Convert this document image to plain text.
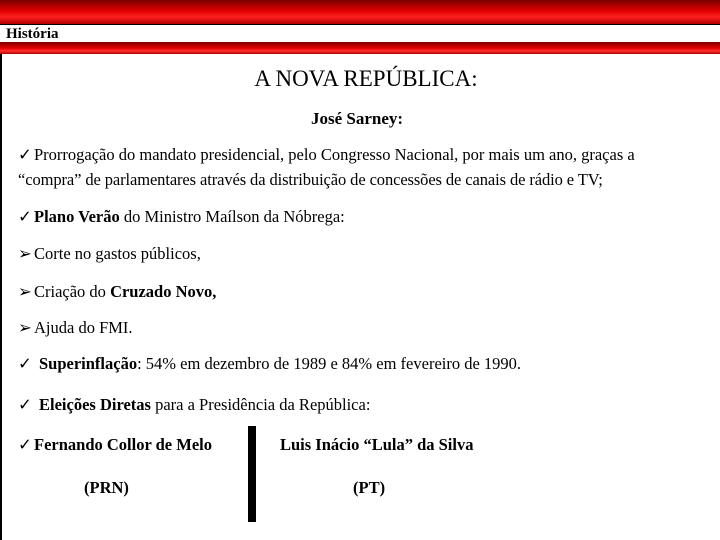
História
A NOVA REPÚBLICA:
José Sarney:
✓ Prorrogação do mandato presidencial, pelo Congresso Nacional, por mais um ano, graças a
“compra” de parlamentares através da distribuição de concessões de canais de rádio e TV;
✓ Plano Verão do Ministro Maílson da Nóbrega:
➢ Corte no gastos públicos,
➢ Criação do Cruzado Novo,
➢ Ajuda do FMI.
✓ Superinflação: 54% em dezembro de 1989 e 84% em fevereiro de 1990.
✓ Eleições Diretas para a Presidência da República:
✓ Fernando Collor de Melo
(PRN)
Luis Inácio “Lula” da Silva
(PT)
